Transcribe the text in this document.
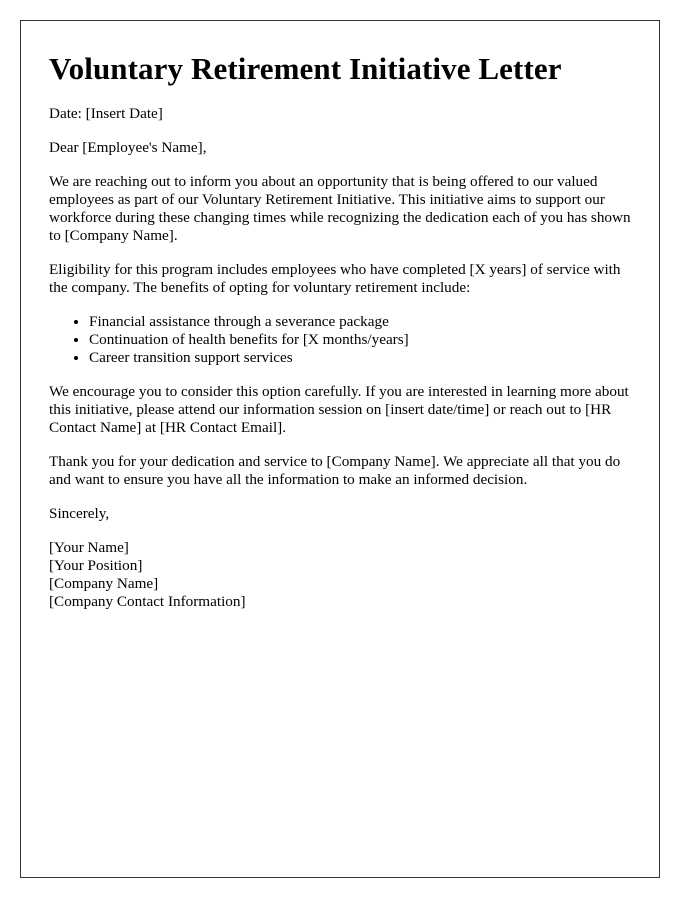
Voluntary Retirement Initiative Letter

Date: [Insert Date]

Dear [Employee's Name],

We are reaching out to inform you about an opportunity that is being offered to our valued employees as part of our Voluntary Retirement Initiative. This initiative aims to support our workforce during these changing times while recognizing the dedication each of you has shown to [Company Name].

Eligibility for this program includes employees who have completed [X years] of service with the company. The benefits of opting for voluntary retirement include:

• Financial assistance through a severance package
• Continuation of health benefits for [X months/years]
• Career transition support services

We encourage you to consider this option carefully. If you are interested in learning more about this initiative, please attend our information session on [insert date/time] or reach out to [HR Contact Name] at [HR Contact Email].

Thank you for your dedication and service to [Company Name]. We appreciate all that you do and want to ensure you have all the information to make an informed decision.

Sincerely,

[Your Name]
[Your Position]
[Company Name]
[Company Contact Information]
